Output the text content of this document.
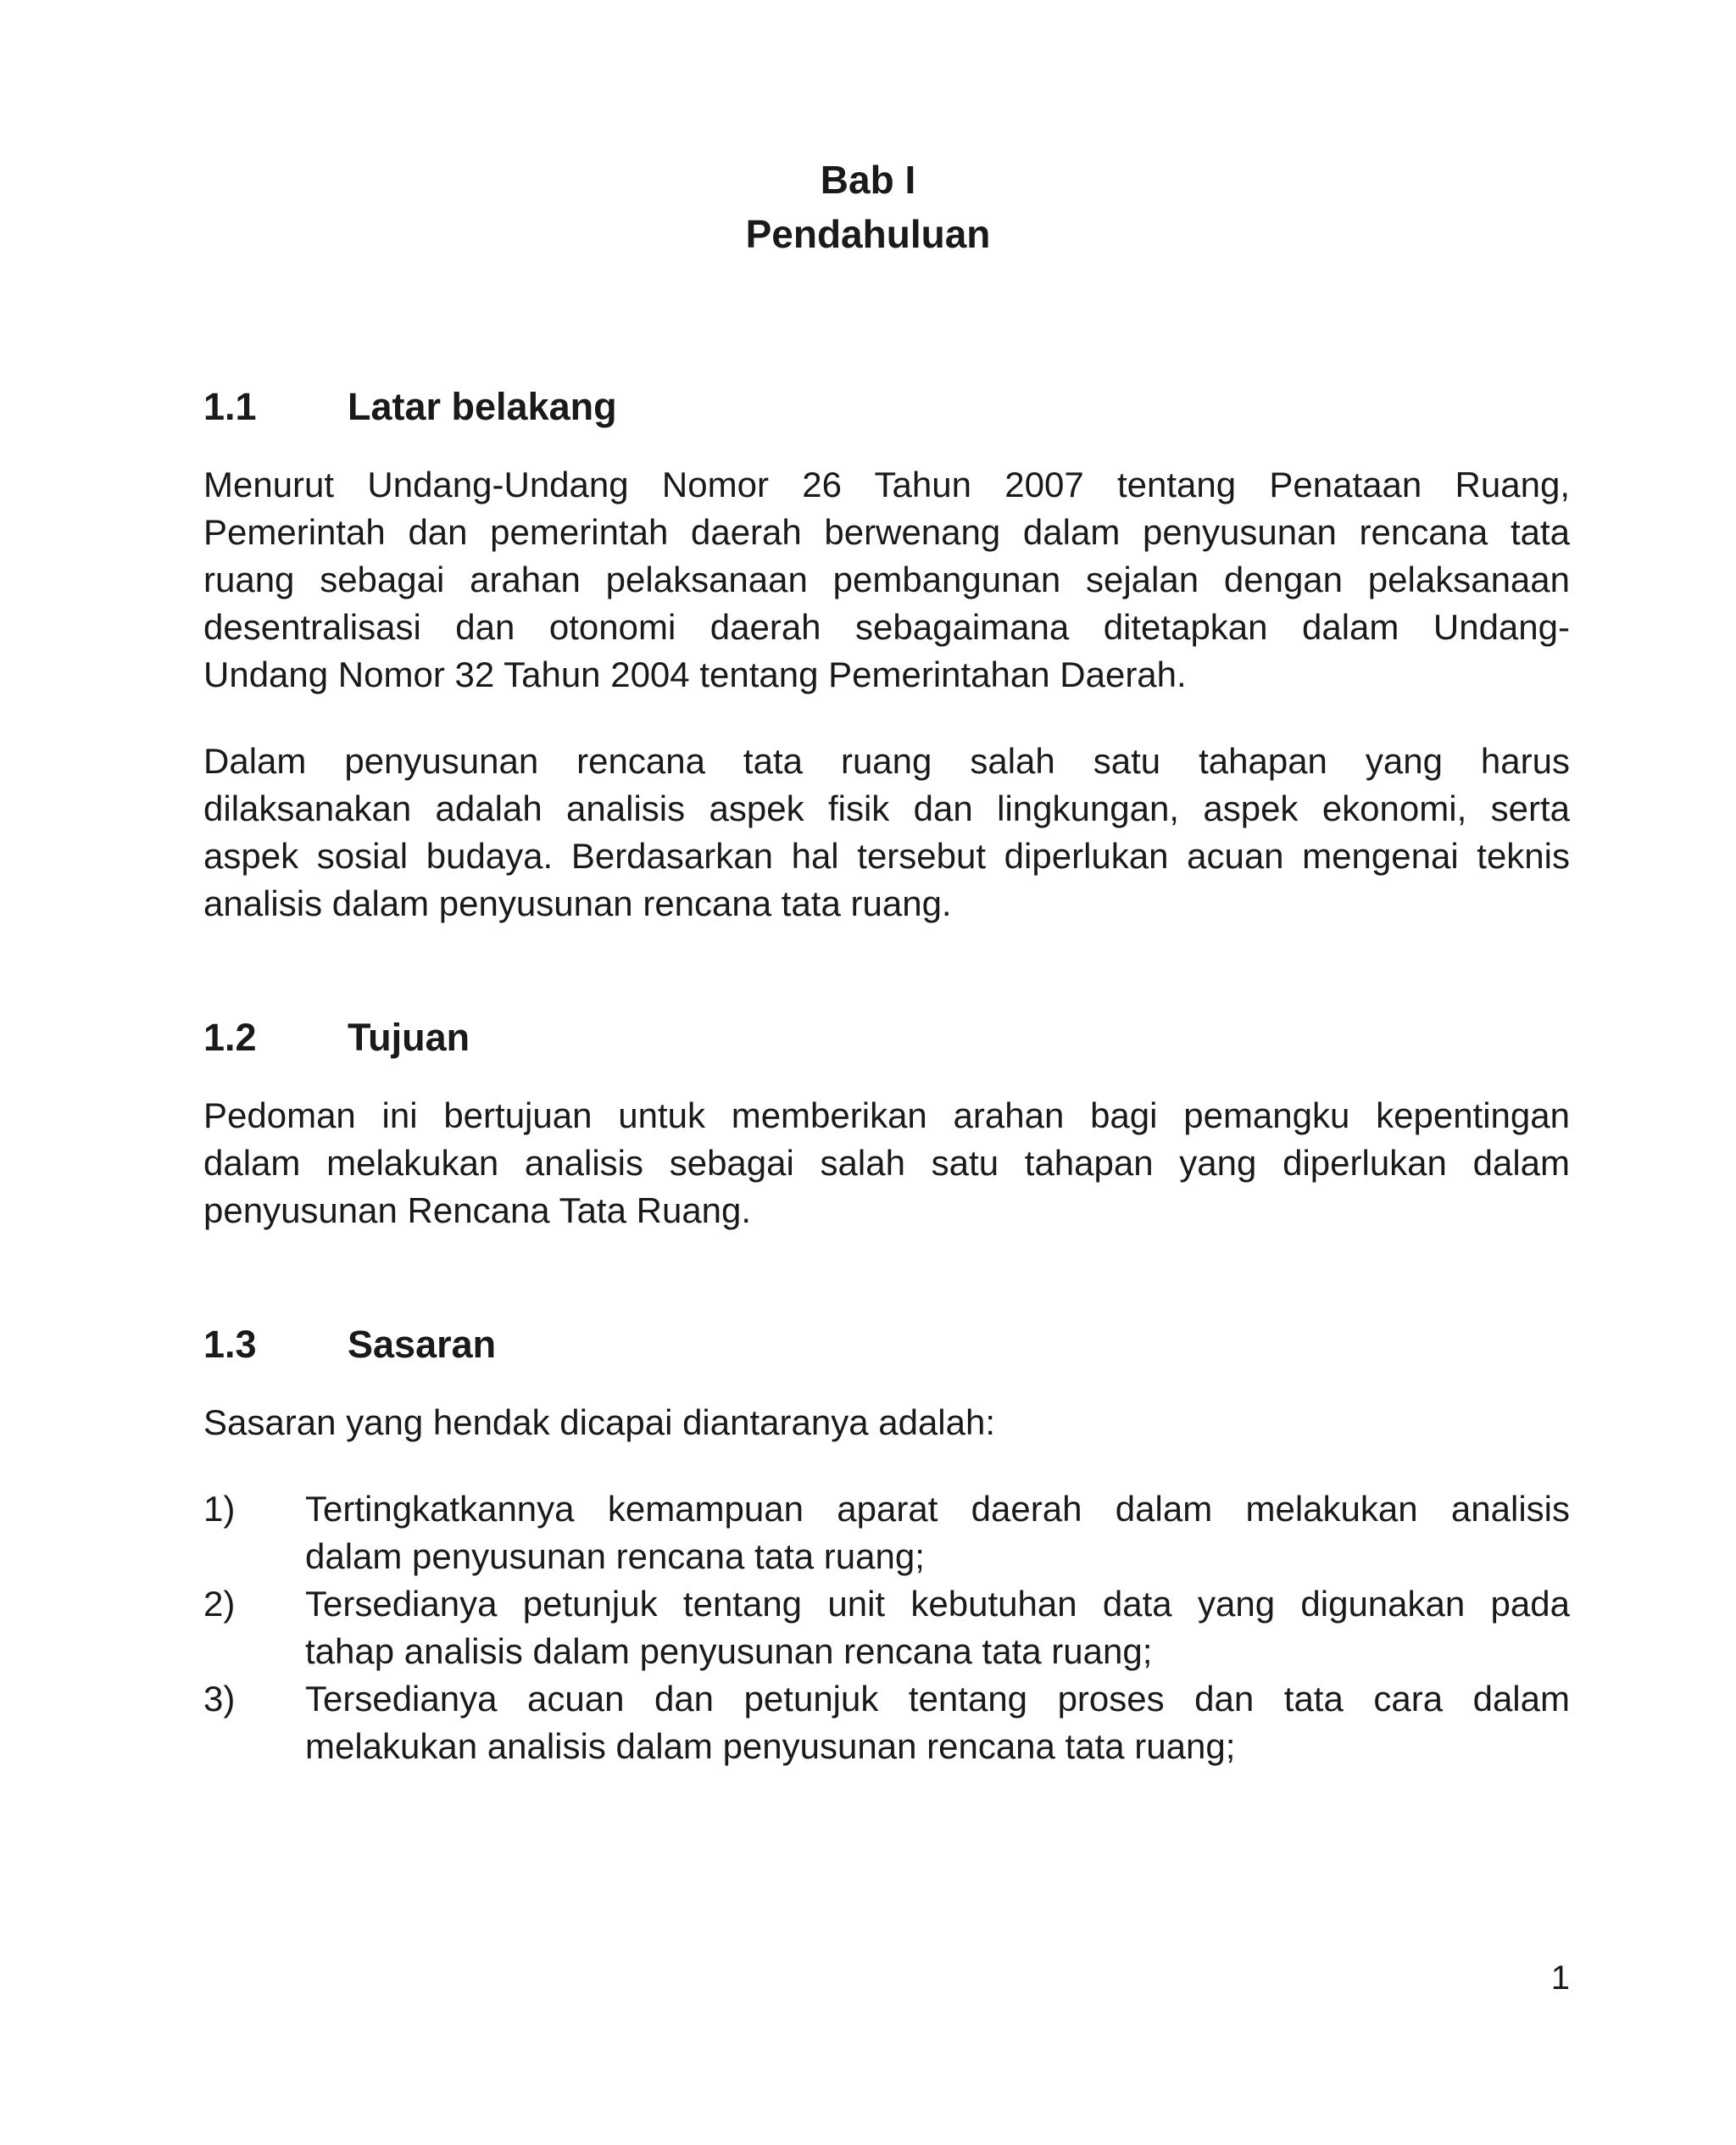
Bab I
Pendahuluan
1.1 Latar belakang
Menurut Undang-Undang Nomor 26 Tahun 2007 tentang Penataan Ruang,
Pemerintah dan pemerintah daerah berwenang dalam penyusunan rencana tata
ruang sebagai arahan pelaksanaan pembangunan sejalan dengan pelaksanaan
desentralisasi dan otonomi daerah sebagaimana ditetapkan dalam Undang-
Undang Nomor 32 Tahun 2004 tentang Pemerintahan Daerah.
Dalam penyusunan rencana tata ruang salah satu tahapan yang harus
dilaksanakan adalah analisis aspek fisik dan lingkungan, aspek ekonomi, serta
aspek sosial budaya. Berdasarkan hal tersebut diperlukan acuan mengenai teknis
analisis dalam penyusunan rencana tata ruang.
1.2 Tujuan
Pedoman ini bertujuan untuk memberikan arahan bagi pemangku kepentingan
dalam melakukan analisis sebagai salah satu tahapan yang diperlukan dalam
penyusunan Rencana Tata Ruang.
1.3 Sasaran
Sasaran yang hendak dicapai diantaranya adalah:
1) Tertingkatkannya kemampuan aparat daerah dalam melakukan analisis
dalam penyusunan rencana tata ruang;
2) Tersedianya petunjuk tentang unit kebutuhan data yang digunakan pada
tahap analisis dalam penyusunan rencana tata ruang;
3) Tersedianya acuan dan petunjuk tentang proses dan tata cara dalam
melakukan analisis dalam penyusunan rencana tata ruang;
1
